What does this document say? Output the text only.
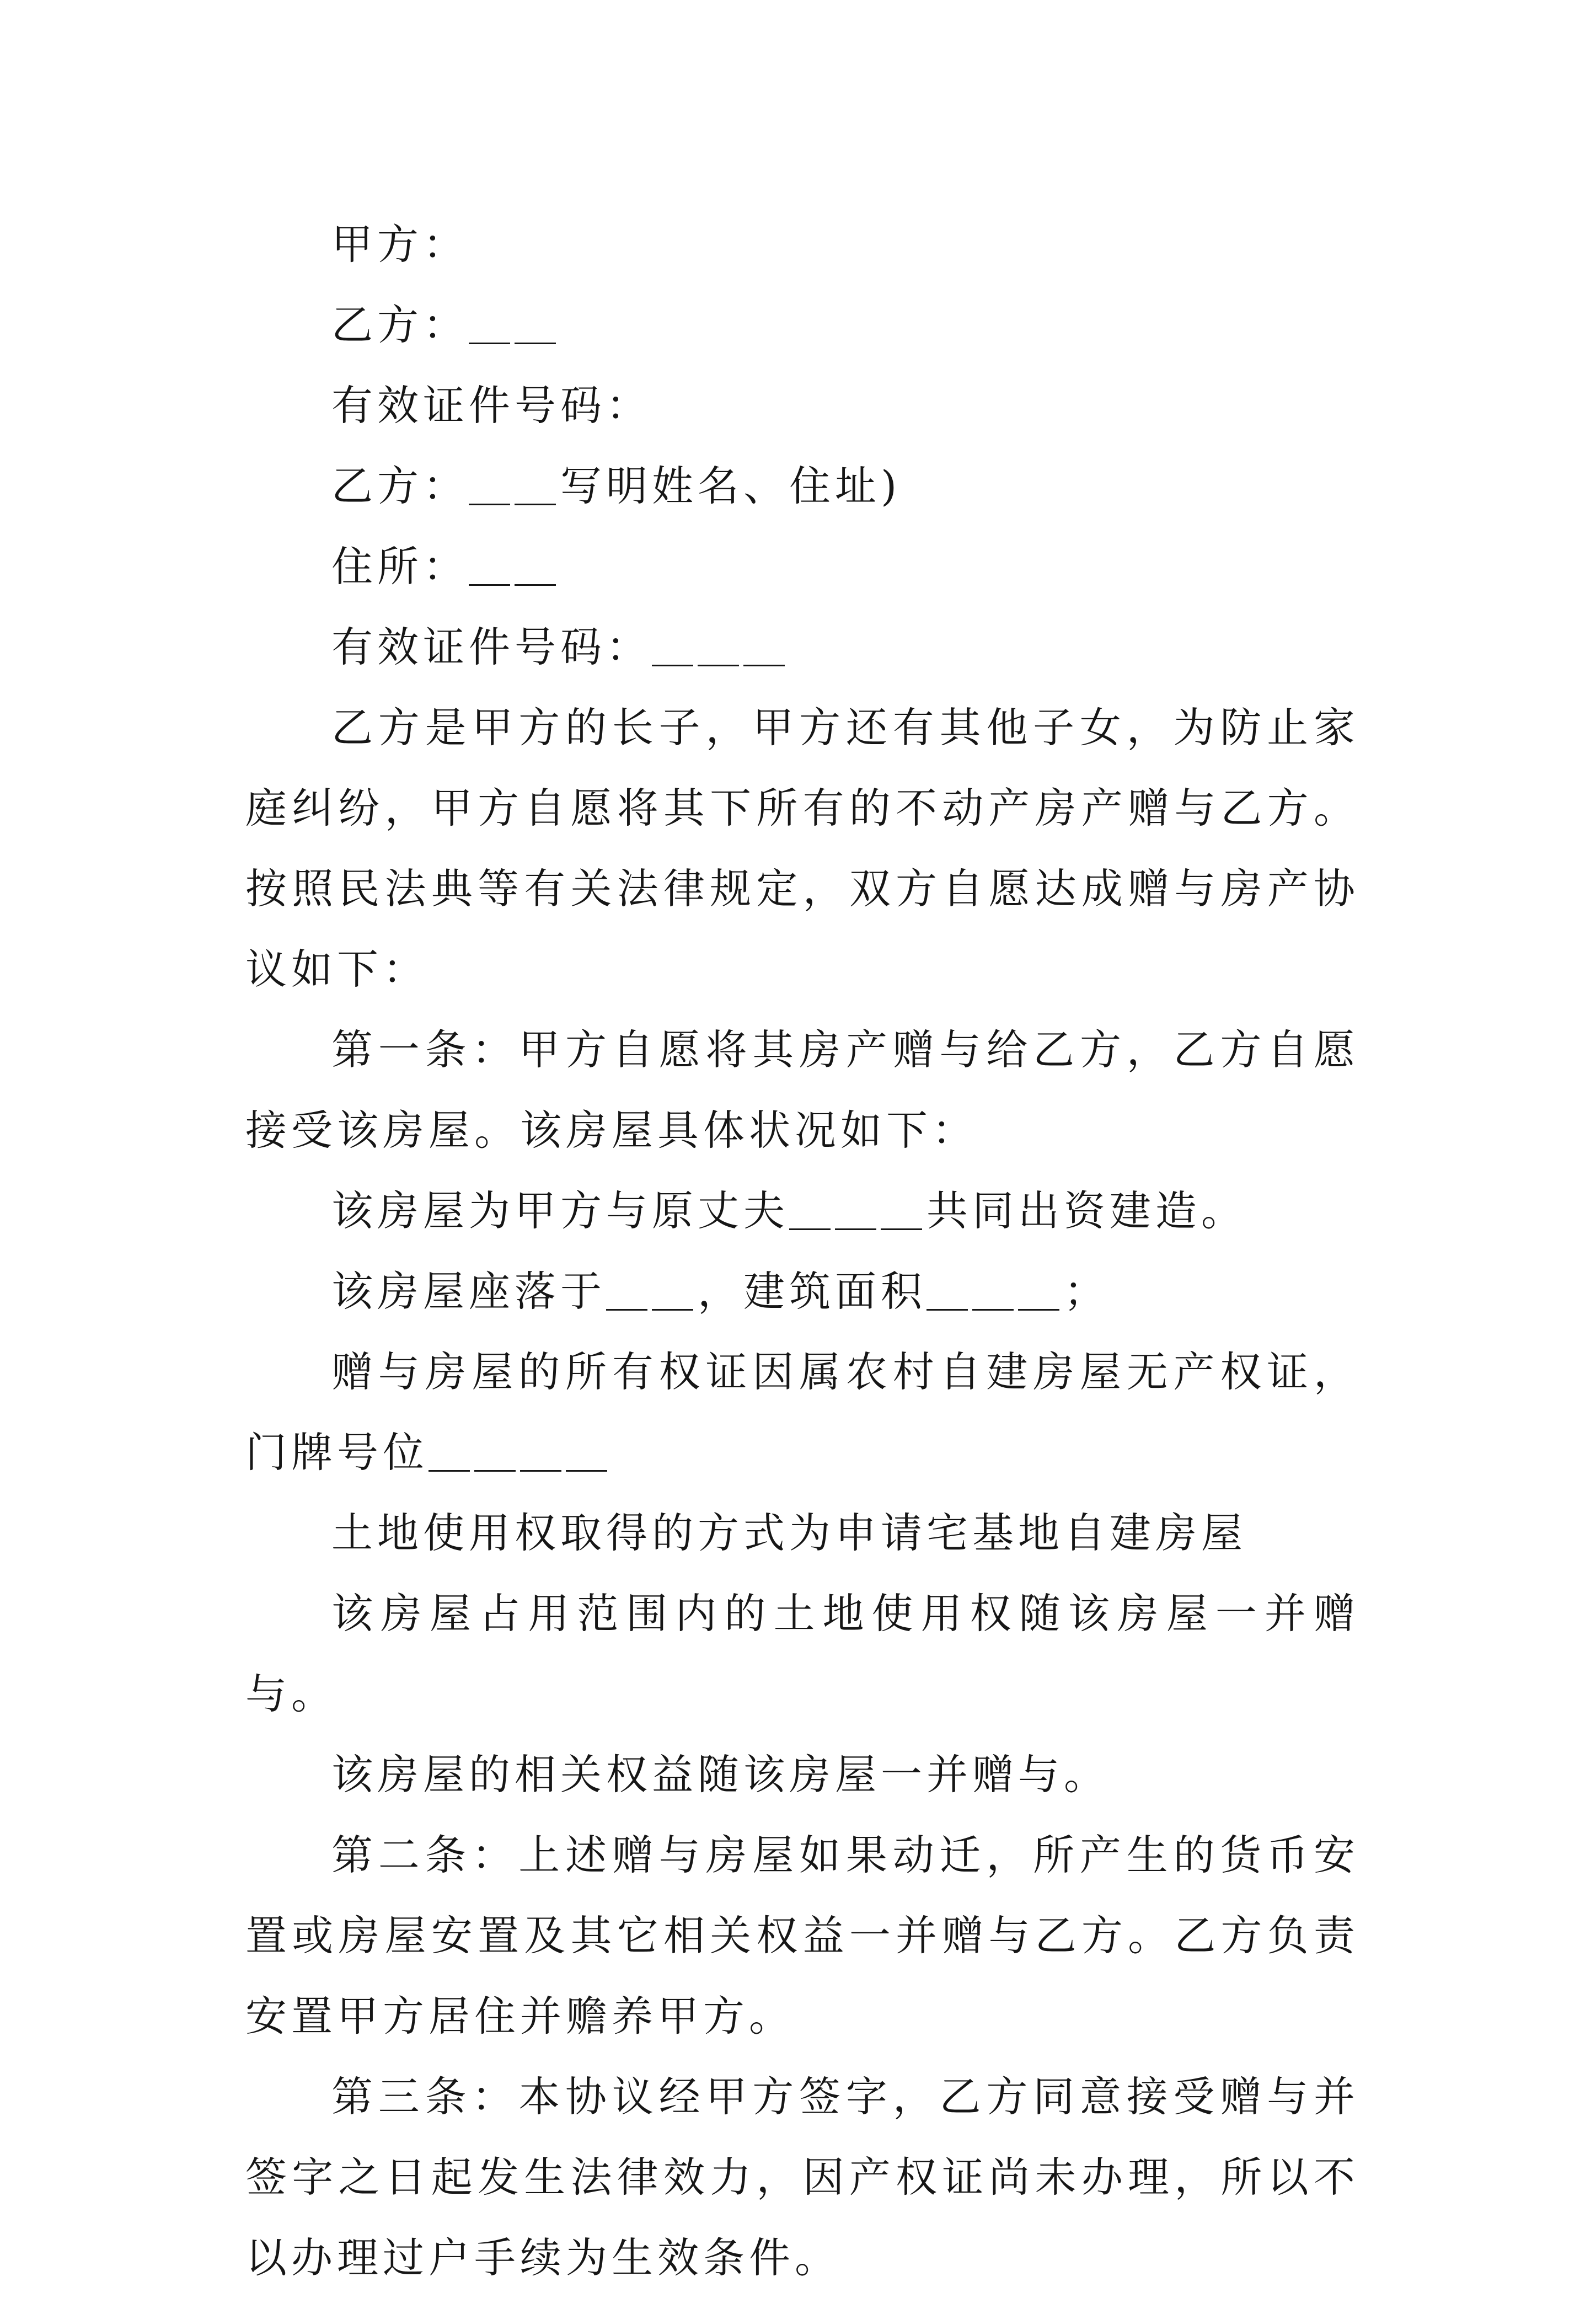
甲方：

乙方：＿＿

有效证件号码：

乙方：＿＿写明姓名、住址)

住所：＿＿

有效证件号码：＿＿＿

乙方是甲方的长子，甲方还有其他子女，为防止家庭纠纷，甲方自愿将其下所有的不动产房产赠与乙方。按照民法典等有关法律规定，双方自愿达成赠与房产协议如下：

第一条：甲方自愿将其房产赠与给乙方，乙方自愿接受该房屋。该房屋具体状况如下：

该房屋为甲方与原丈夫＿＿＿共同出资建造。

该房屋座落于＿＿，建筑面积＿＿＿；

赠与房屋的所有权证因属农村自建房屋无产权证，门牌号位＿＿＿＿

土地使用权取得的方式为申请宅基地自建房屋

该房屋占用范围内的土地使用权随该房屋一并赠与。

该房屋的相关权益随该房屋一并赠与。

第二条：上述赠与房屋如果动迁，所产生的货币安置或房屋安置及其它相关权益一并赠与乙方。乙方负责安置甲方居住并赡养甲方。

第三条：本协议经甲方签字，乙方同意接受赠与并签字之日起发生法律效力，因产权证尚未办理，所以不以办理过户手续为生效条件。
